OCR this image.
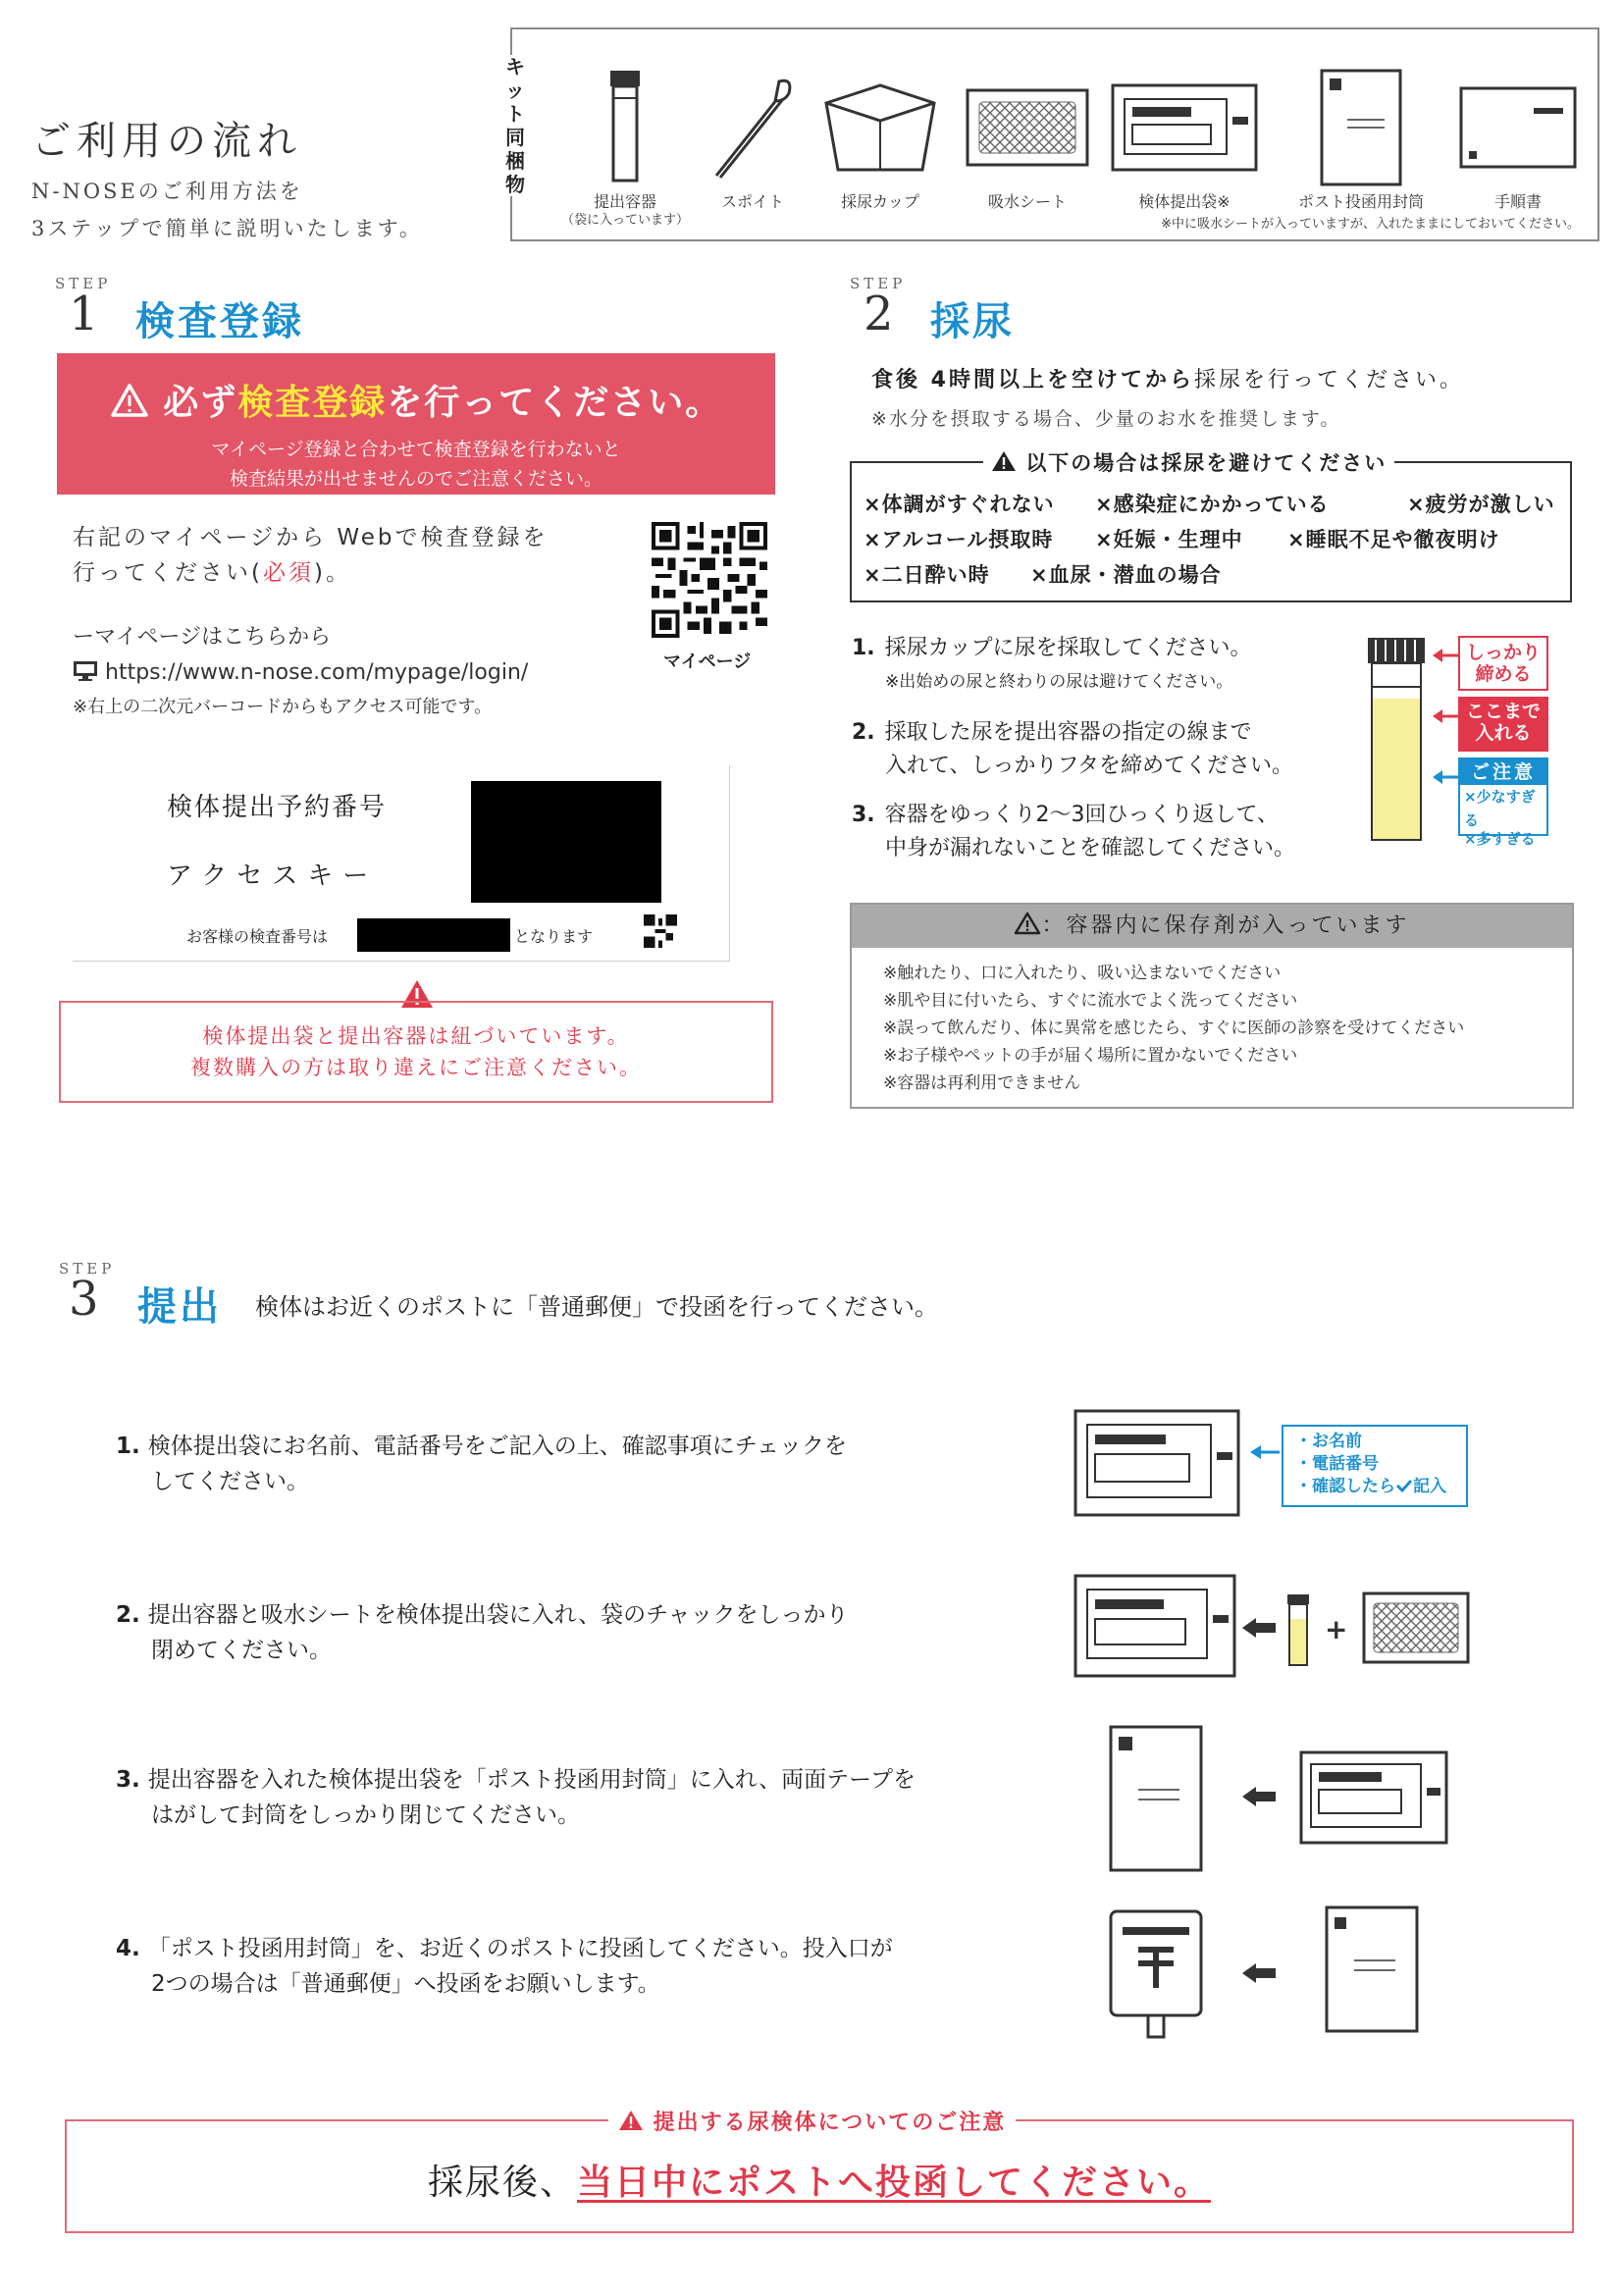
ご利用の流れ
N-NOSEのご利用方法を
3ステップで簡単に説明いたします。
提出容器
（袋に入っています）
スポイト	採尿カップ	吸水シート	検体提出袋※	ポスト投函用封筒	手順書
※中に吸水シートが入っていますが、入れたままにしておいてください。
キット同梱物
STEP
1 検査登録
必ず検査登録を行ってください。
マイページ登録と合わせて検査登録を行わないと
検査結果が出せませんのでご注意ください。
右記のマイページから Webで検査登録を
行ってください(必須)。
ーマイページはこちらから
https://www.n-nose.com/mypage/login/
※右上の二次元バーコードからもアクセス可能です。
マイページ
検体提出予約番号
アクセスキー
お客様の検査番号は	となります
検体提出袋と提出容器は紐づいています。
複数購入の方は取り違えにご注意ください。
STEP
2 採尿
食後 4時間以上を空けてから採尿を行ってください。
※水分を摂取する場合、少量のお水を推奨します。
×体調がすぐれない ×感染症にかかっている	×疲労が激しい
×アルコール摂取時 ×妊娠・生理中 ×睡眠不足や徹夜明け
×二日酔い時 ×血尿・潜血の場合
以下の場合は採尿を避けてください
1. 採尿カップに尿を採取してください。
※出始めの尿と終わりの尿は避けてください。
2. 採取した尿を提出容器の指定の線まで
入れて、しっかりフタを締めてください。
3. 容器をゆっくり2〜3回ひっくり返して、
中身が漏れないことを確認してください。
しっかり締める
ここまで入れる
ご注意
×少なすぎる
×多すぎる
：容器内に保存剤が入っています
※触れたり、口に入れたり、吸い込まないでください
※肌や目に付いたら、すぐに流水でよく洗ってください
※誤って飲んだり、体に異常を感じたら、すぐに医師の診察を受けてください
※お子様やペットの手が届く場所に置かないでください
※容器は再利用できません
STEP
3 提出 検体はお近くのポストに「普通郵便」で投函を行ってください。
1. 検体提出袋にお名前、電話番号をご記入の上、確認事項にチェックを
してください。
2. 提出容器と吸水シートを検体提出袋に入れ、袋のチャックをしっかり
閉めてください。
3. 提出容器を入れた検体提出袋を「ポスト投函用封筒」に入れ、両面テープを
はがして封筒をしっかり閉じてください。
4. 「ポスト投函用封筒」を、お近くのポストに投函してください。投入口が
2つの場合は「普通郵便」へ投函をお願いします。
・お名前
・電話番号
・確認したら 記入
+
採尿後、当日中にポストへ投函してください。
提出する尿検体についてのご注意
